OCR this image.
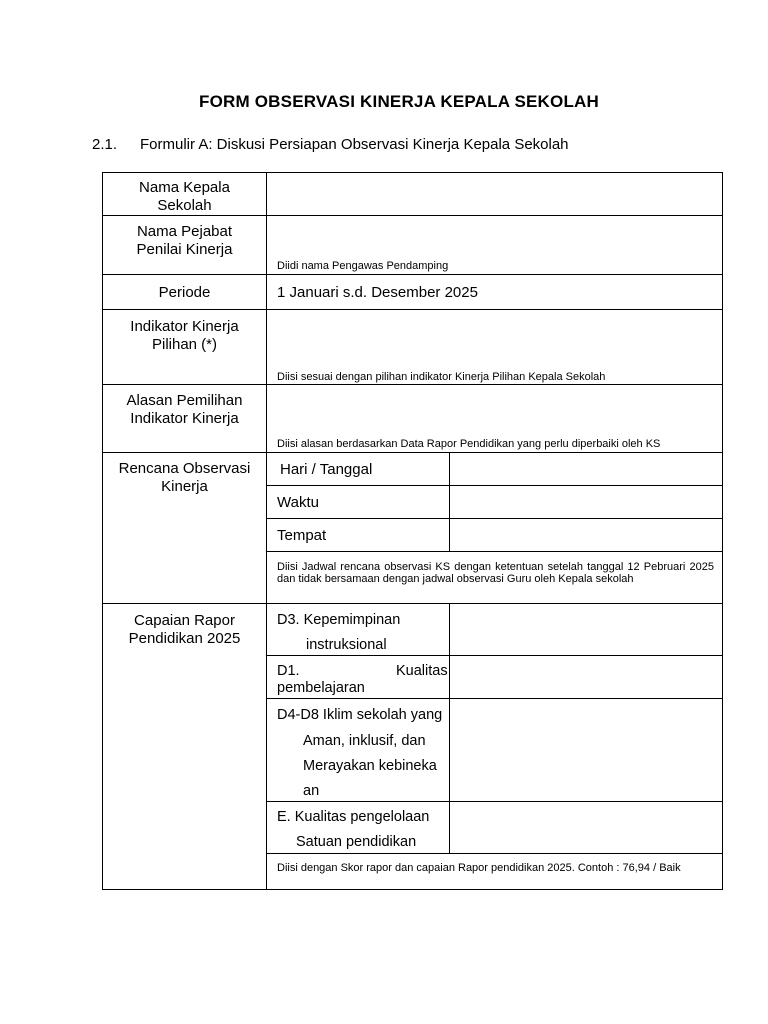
FORM OBSERVASI KINERJA KEPALA SEKOLAH
2.1. Formulir A: Diskusi Persiapan Observasi Kinerja Kepala Sekolah
Nama Kepala Sekolah
Nama Pejabat Penilai Kinerja
Diidi nama Pengawas Pendamping
Periode	1 Januari s.d. Desember 2025
Indikator Kinerja Pilihan (*)
Diisi sesuai dengan pilihan indikator Kinerja Pilihan Kepala Sekolah
Alasan Pemilihan Indikator Kinerja
Diisi alasan berdasarkan Data Rapor Pendidikan yang perlu diperbaiki oleh KS
Rencana Observasi Kinerja
Hari / Tanggal
Waktu
Tempat
Diisi Jadwal rencana observasi KS dengan ketentuan setelah tanggal 12 Pebruari 2025 dan tidak bersamaan dengan jadwal observasi Guru oleh Kepala sekolah
Capaian Rapor Pendidikan 2025
D3. Kepemimpinan
instruksional
D1.	Kualitas
pembelajaran
D4-D8 Iklim sekolah yang
Aman, inklusif, dan
Merayakan kebineka
an
E. Kualitas pengelolaan
Satuan pendidikan
Diisi dengan Skor rapor dan capaian Rapor pendidikan 2025. Contoh : 76,94 / Baik
